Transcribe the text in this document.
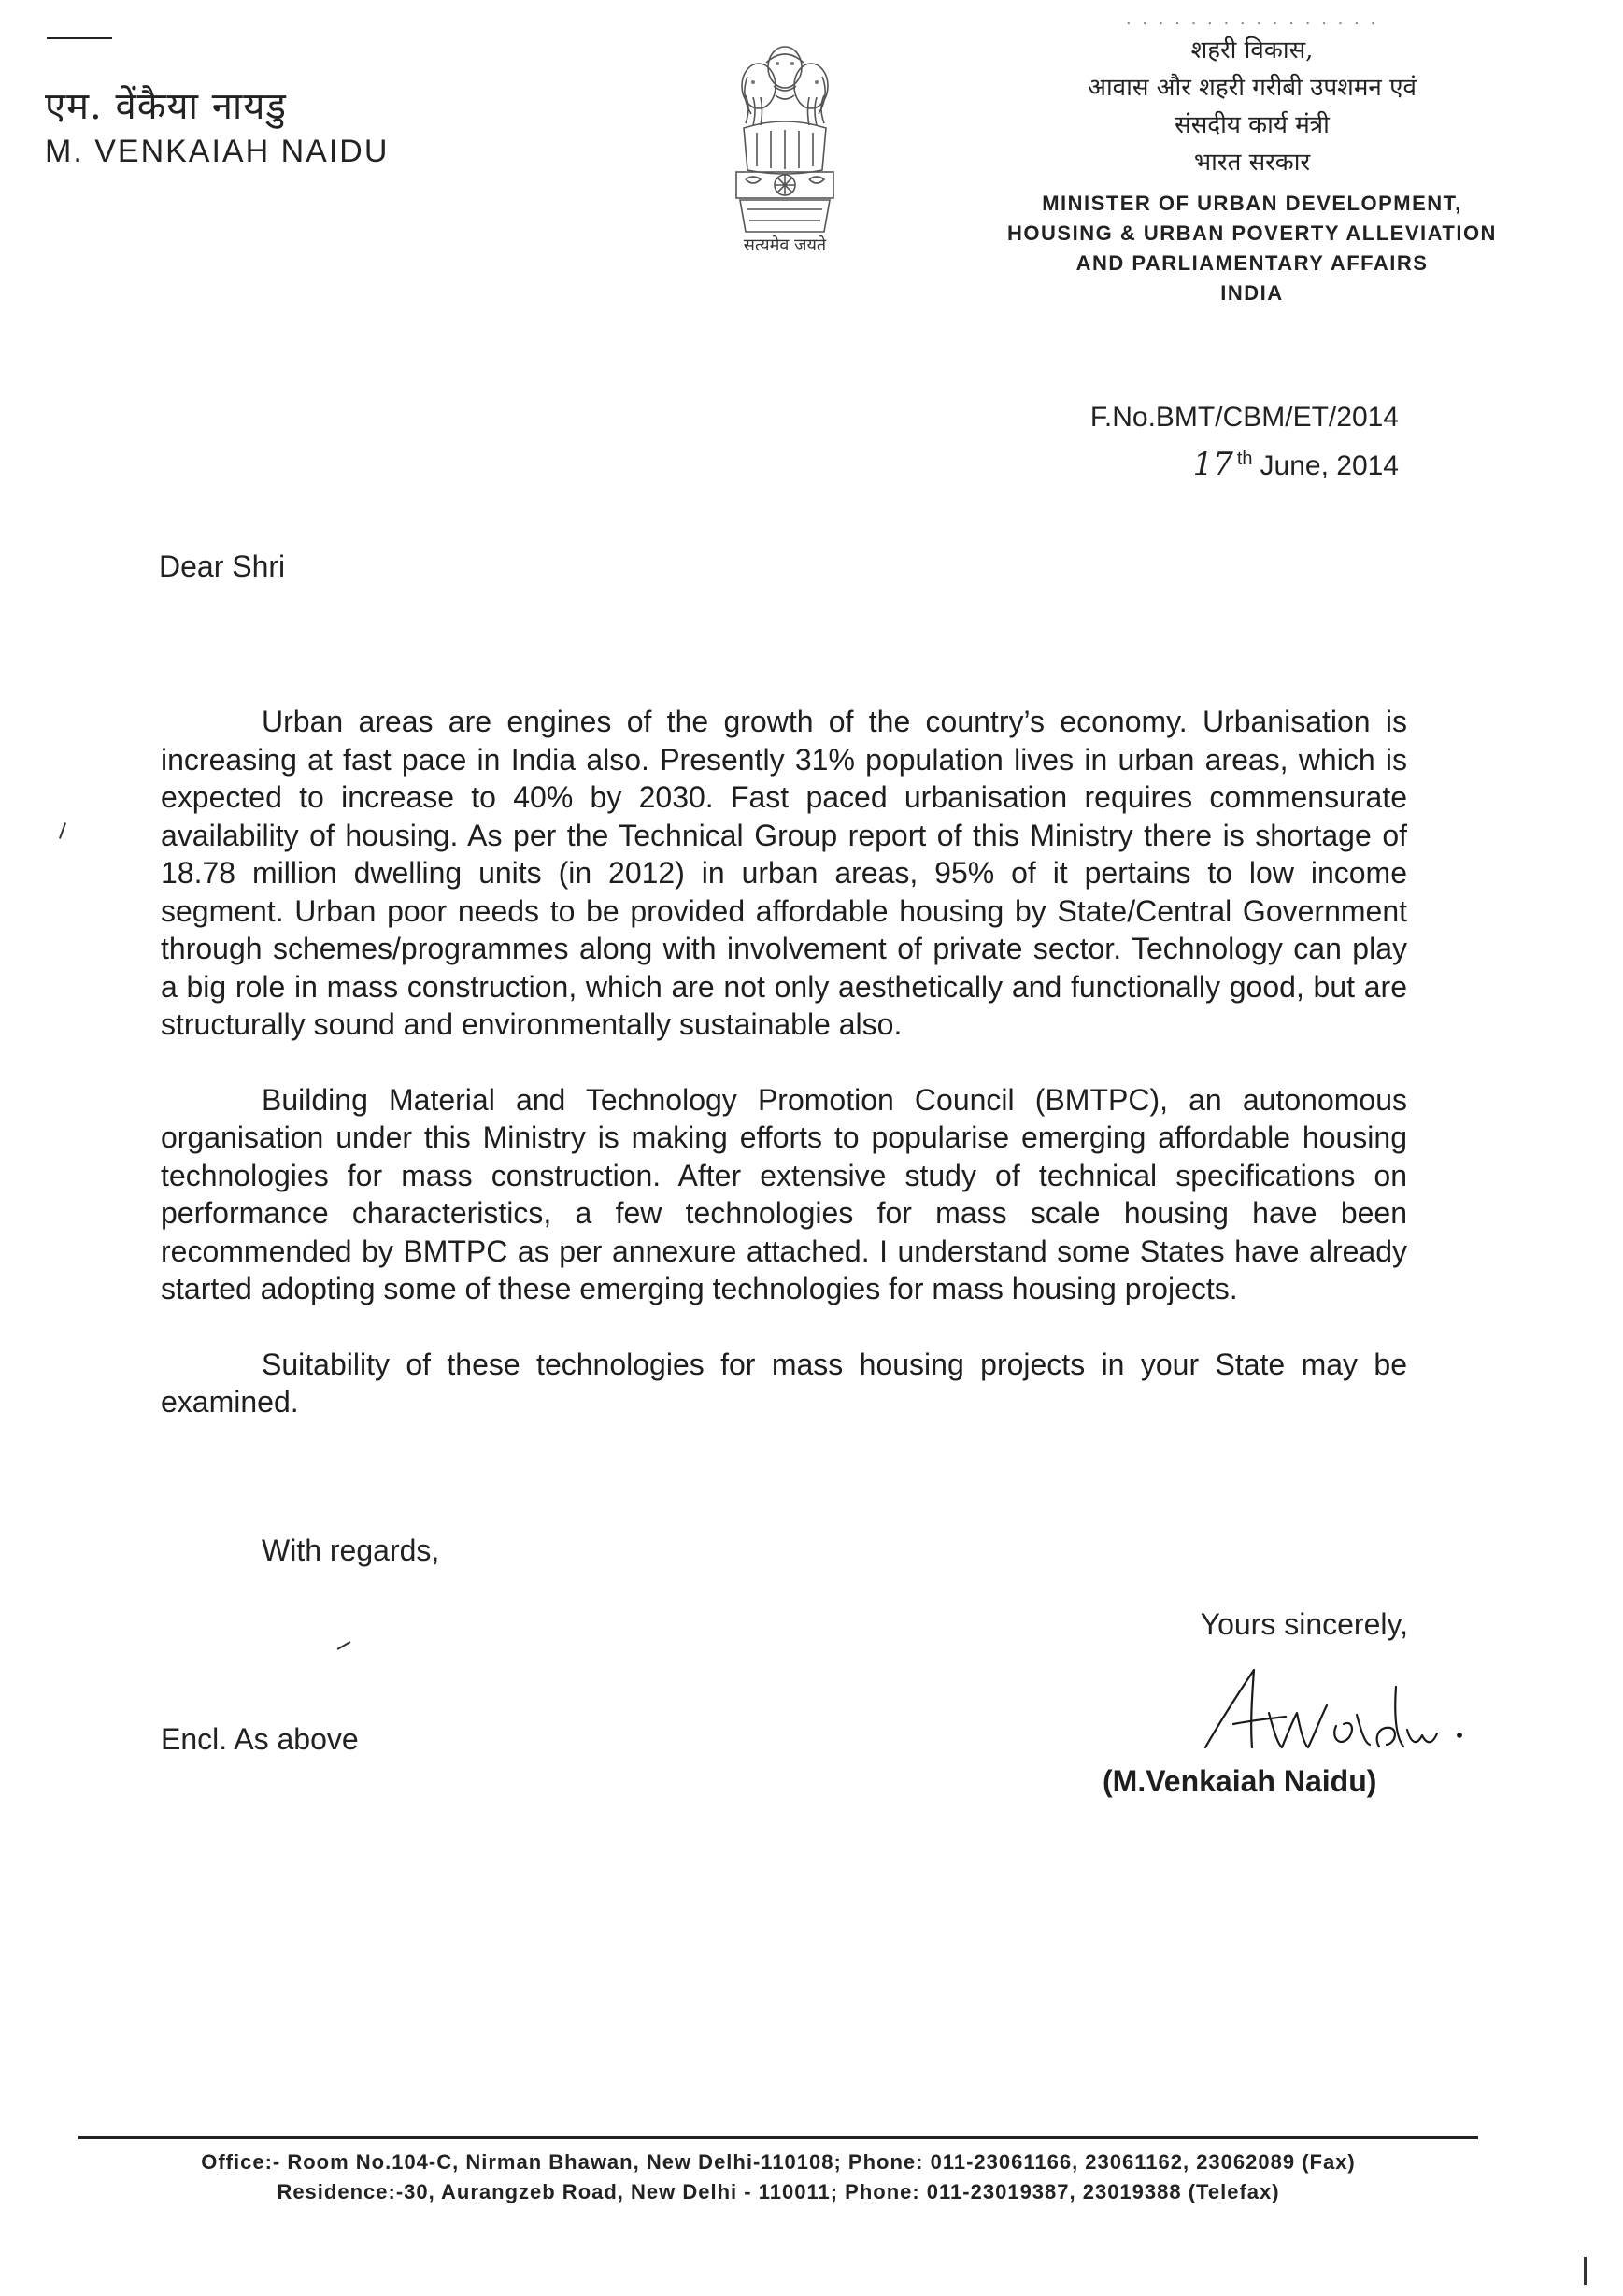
एम. वेंकैया नायडु
M. VENKAIAH NAIDU
सत्यमेव जयते
. . . . . . . . . . . . . . . .
शहरी विकास,
आवास और शहरी गरीबी उपशमन एवं
संसदीय कार्य मंत्री
भारत सरकार
MINISTER OF URBAN DEVELOPMENT,
HOUSING & URBAN POVERTY ALLEVIATION
AND PARLIAMENTARY AFFAIRS
INDIA
F.No.BMT/CBM/ET/2014
17 $^{th}$ June, 2014
Dear Shri

Urban areas are engines of the growth of the country’s economy. Urbanisation is increasing at fast pace in India also. Presently 31% population lives in urban areas, which is expected to increase to 40% by 2030. Fast paced urbanisation requires commensurate availability of housing. As per the Technical Group report of this Ministry there is shortage of 18.78 million dwelling units (in 2012) in urban areas, 95% of it pertains to low income segment. Urban poor needs to be provided affordable housing by State/Central Government through schemes/programmes along with involvement of private sector. Technology can play a big role in mass construction, which are not only aesthetically and functionally good, but are structurally sound and environmentally sustainable also.

Building Material and Technology Promotion Council (BMTPC), an autonomous organisation under this Ministry is making efforts to popularise emerging affordable housing technologies for mass construction. After extensive study of technical specifications on performance characteristics, a few technologies for mass scale housing have been recommended by BMTPC as per annexure attached. I understand some States have already started adopting some of these emerging technologies for mass housing projects.

Suitability of these technologies for mass housing projects in your State may be examined.

With regards,
Yours sincerely,
(M.Venkaiah Naidu)
Encl. As above
Office:- Room No.104-C, Nirman Bhawan, New Delhi-110108; Phone: 011-23061166, 23061162, 23062089 (Fax)
Residence:-30, Aurangzeb Road, New Delhi - 110011; Phone: 011-23019387, 23019388 (Telefax)
